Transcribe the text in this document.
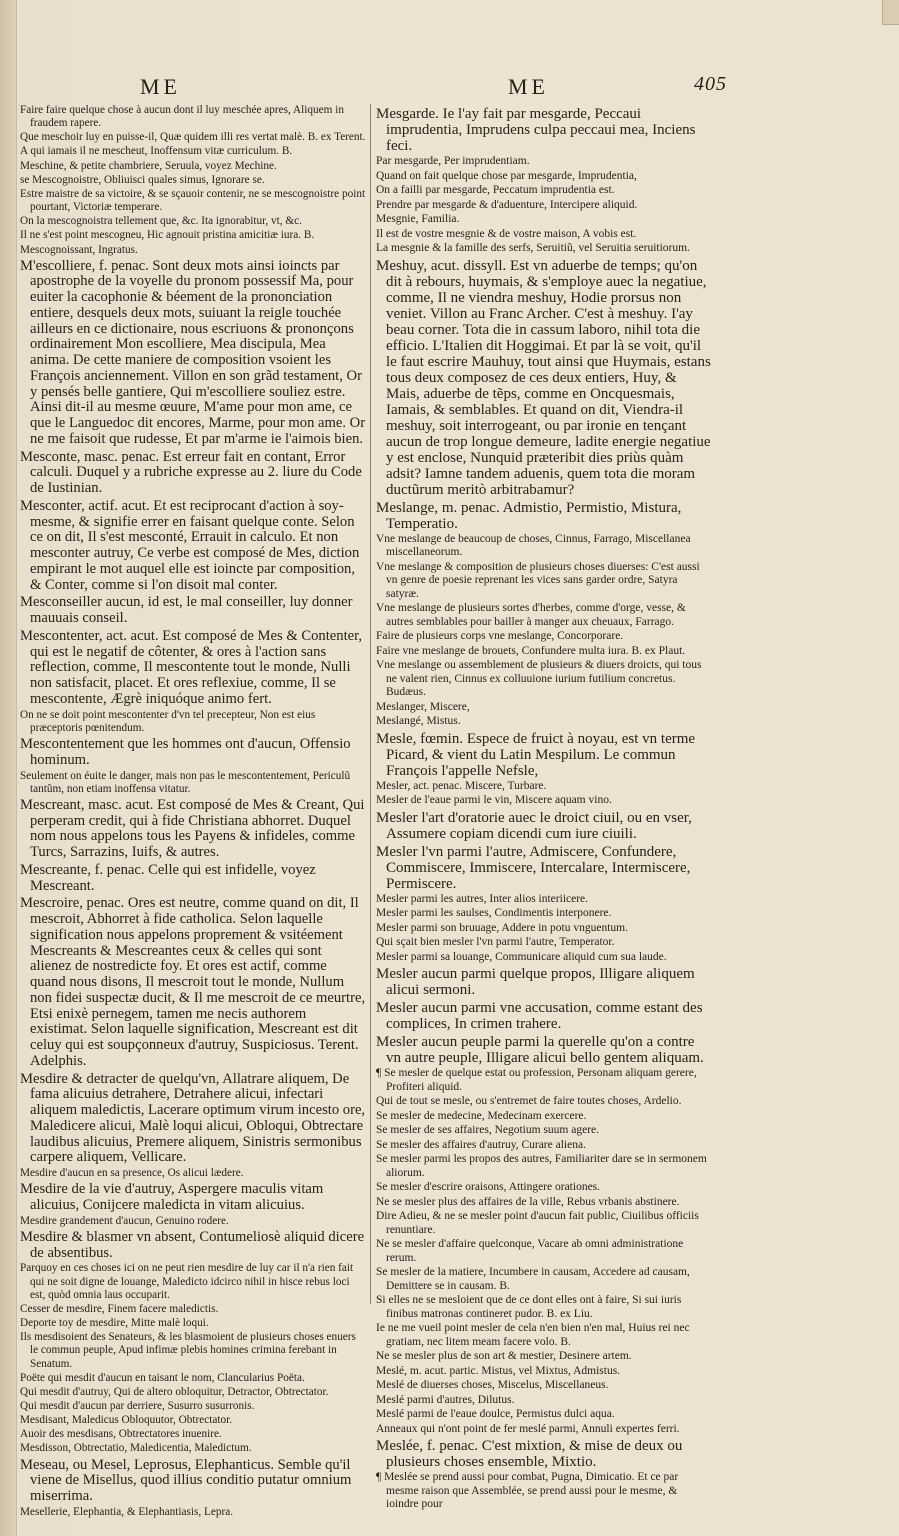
ME	ME	405

Faire faire quelque chose à aucun dont il luy meschée apres, Aliquem in fraudem rapere.

Que meschoir luy en puisse-il, Quæ quidem illi res vertat malè. B. ex Terent.

A qui iamais il ne mescheut, Inoffensum vitæ curriculum. B.

Meschine, & petite chambriere, Seruula, voyez Mechine.

se Mescognoistre, Obliuisci quales simus, Ignorare se.

Estre maistre de sa victoire, & se sçauoir contenir, ne se mescognoistre point pourtant, Victoriæ temperare.

On la mescognoistra tellement que, &c. Ita ignorabitur, vt, &c.

Il ne s'est point mescogneu, Hic agnouit pristina amicitiæ iura. B.

Mescognoissant, Ingratus.

M'escolliere, f. penac. Sont deux mots ainsi ioincts par apostrophe de la voyelle du pronom possessif Ma, pour euiter la cacophonie & béement de la prononciation entiere, desquels deux mots, suiuant la reigle touchée ailleurs en ce dictionaire, nous escriuons & prononçons ordinairement Mon escolliere, Mea discipula, Mea anima. De cette maniere de composition vsoient les François anciennement. Villon en son grãd testament, Or y pensés belle gantiere, Qui m'escolliere souliez estre. Ainsi dit-il au mesme œuure, M'ame pour mon ame, ce que le Languedoc dit encores, Marme, pour mon ame. Or ne me faisoit que rudesse, Et par m'arme ie l'aimois bien.

Mesconte, masc. penac. Est erreur fait en contant, Error calculi. Duquel y a rubriche expresse au 2. liure du Code de Iustinian.

Mesconter, actif. acut. Et est reciprocant d'action à soy-mesme, & signifie errer en faisant quelque conte. Selon ce on dit, Il s'est mesconté, Errauit in calculo. Et non mesconter autruy, Ce verbe est composé de Mes, diction empirant le mot auquel elle est ioincte par composition, & Conter, comme si l'on disoit mal conter.

Mesconseiller aucun, id est, le mal conseiller, luy donner mauuais conseil.

Mescontenter, act. acut. Est composé de Mes & Contenter, qui est le negatif de côtenter, & ores à l'action sans reflection, comme, Il mescontente tout le monde, Nulli non satisfacit, placet. Et ores reflexiue, comme, Il se mescontente, Ægrè iniquóque animo fert.

On ne se doit point mescontenter d'vn tel precepteur, Non est eius præceptoris pœnitendum.

Mescontentement que les hommes ont d'aucun, Offensio hominum.

Seulement on éuite le danger, mais non pas le mescontentement, Periculũ tantũm, non etiam inoffensa vitatur.

Mescreant, masc. acut. Est composé de Mes & Creant, Qui perperam credit, qui à fide Christiana abhorret. Duquel nom nous appelons tous les Payens & infideles, comme Turcs, Sarrazins, Iuifs, & autres.

Mescreante, f. penac. Celle qui est infidelle, voyez Mescreant.

Mescroire, penac. Ores est neutre, comme quand on dit, Il mescroit, Abhorret à fide catholica. Selon laquelle signification nous appelons proprement & vsitéement Mescreants & Mescreantes ceux & celles qui sont alienez de nostredicte foy. Et ores est actif, comme quand nous disons, Il mescroit tout le monde, Nullum non fidei suspectæ ducit, & Il me mescroit de ce meurtre, Etsi enixè pernegem, tamen me necis authorem existimat. Selon laquelle signification, Mescreant est dit celuy qui est soupçonneux d'autruy, Suspiciosus. Terent. Adelphis.

Mesdire & detracter de quelqu'vn, Allatrare aliquem, De fama alicuius detrahere, Detrahere alicui, infectari aliquem maledictis, Lacerare optimum virum incesto ore, Maledicere alicui, Malè loqui alicui, Obloqui, Obtrectare laudibus alicuius, Premere aliquem, Sinistris sermonibus carpere aliquem, Vellicare.

Mesdire d'aucun en sa presence, Os alicui lædere.

Mesdire de la vie d'autruy, Aspergere maculis vitam alicuius, Conijcere maledicta in vitam alicuius.

Mesdire grandement d'aucun, Genuino rodere.

Mesdire & blasmer vn absent, Contumeliosè aliquid dicere de absentibus.

Parquoy en ces choses ici on ne peut rien mesdire de luy car il n'a rien fait qui ne soit digne de louange, Maledicto idcirco nihil in hisce rebus loci est, quòd omnia laus occuparit.

Cesser de mesdire, Finem facere maledictis.

Deporte toy de mesdire, Mitte malè loqui.

Ils mesdisoient des Senateurs, & les blasmoient de plusieurs choses enuers le commun peuple, Apud infimæ plebis homines crimina ferebant in Senatum.

Poëte qui mesdit d'aucun en taisant le nom, Clancularius Poëta.

Qui mesdit d'autruy, Qui de altero obloquitur, Detractor, Obtrectator.

Qui mesdit d'aucun par derriere, Susurro susurronis.

Mesdisant, Maledicus Obloquutor, Obtrectator.

Auoir des mesdisans, Obtrectatores inuenire.

Mesdisson, Obtrectatio, Maledicentia, Maledictum.

Meseau, ou Mesel, Leprosus, Elephanticus. Semble qu'il viene de Misellus, quod illius conditio putatur omnium miserrima.

Mesellerie, Elephantia, & Elephantiasis, Lepra.

Mesgarde. Ie l'ay fait par mesgarde, Peccaui imprudentia, Imprudens culpa peccaui mea, Inciens feci.

Par mesgarde, Per imprudentiam.

Quand on fait quelque chose par mesgarde, Imprudentia,

On a failli par mesgarde, Peccatum imprudentia est.

Prendre par mesgarde & d'aduenture, Intercipere aliquid.

Mesgnie, Familia.

Il est de vostre mesgnie & de vostre maison, A vobis est.

La mesgnie & la famille des serfs, Seruitiũ, vel Seruitia seruitiorum.

Meshuy, acut. dissyll. Est vn aduerbe de temps; qu'on dit à rebours, huymais, & s'employe auec la negatiue, comme, Il ne viendra meshuy, Hodie prorsus non veniet. Villon au Franc Archer. C'est à meshuy. I'ay beau corner. Tota die in cassum laboro, nihil tota die efficio. L'Italien dit Hoggimai. Et par là se voit, qu'il le faut escrire Mauhuy, tout ainsi que Huymais, estans tous deux composez de ces deux entiers, Huy, & Mais, aduerbe de tẽps, comme en Oncquesmais, Iamais, & semblables. Et quand on dit, Viendra-il meshuy, soit interrogeant, ou par ironie en tençant aucun de trop longue demeure, ladite energie negatiue y est enclose, Nunquid præteribit dies priùs quàm adsit? Iamne tandem aduenis, quem tota die moram ductũrum meritò arbitrabamur?

Meslange, m. penac. Admistio, Permistio, Mistura, Temperatio.

Vne meslange de beaucoup de choses, Cinnus, Farrago, Miscellanea miscellaneorum.

Vne meslange & composition de plusieurs choses diuerses: C'est aussi vn genre de poesie reprenant les vices sans garder ordre, Satyra satyræ.

Vne meslange de plusieurs sortes d'herbes, comme d'orge, vesse, & autres semblables pour bailler à manger aux cheuaux, Farrago.

Faire de plusieurs corps vne meslange, Concorporare.

Faire vne meslange de brouets, Confundere multa iura. B. ex Plaut.

Vne meslange ou assemblement de plusieurs & diuers droicts, qui tous ne valent rien, Cinnus ex colluuione iurium futilium concretus. Budæus.

Meslanger, Miscere,

Meslangé, Mistus.

Mesle, fœmin. Espece de fruict à noyau, est vn terme Picard, & vient du Latin Mespilum. Le commun François l'appelle Nefsle,

Mesler, act. penac. Miscere, Turbare.

Mesler de l'eaue parmi le vin, Miscere aquam vino.

Mesler l'art d'oratorie auec le droict ciuil, ou en vser, Assumere copiam dicendi cum iure ciuili.

Mesler l'vn parmi l'autre, Admiscere, Confundere, Commiscere, Immiscere, Intercalare, Intermiscere, Permiscere.

Mesler parmi les autres, Inter alios interiicere.

Mesler parmi les saulses, Condimentis interponere.

Mesler parmi son bruuage, Addere in potu vnguentum.

Qui sçait bien mesler l'vn parmi l'autre, Temperator.

Mesler parmi sa louange, Communicare aliquid cum sua laude.

Mesler aucun parmi quelque propos, Illigare aliquem alicui sermoni.

Mesler aucun parmi vne accusation, comme estant des complices, In crimen trahere.

Mesler aucun peuple parmi la querelle qu'on a contre vn autre peuple, Illigare alicui bello gentem aliquam.

¶ Se mesler de quelque estat ou profession, Personam aliquam gerere, Profiteri aliquid.

Qui de tout se mesle, ou s'entremet de faire toutes choses, Ardelio.

Se mesler de medecine, Medecinam exercere.

Se mesler de ses affaires, Negotium suum agere.

Se mesler des affaires d'autruy, Curare aliena.

Se mesler parmi les propos des autres, Familiariter dare se in sermonem aliorum.

Se mesler d'escrire oraisons, Attingere orationes.

Ne se mesler plus des affaires de la ville, Rebus vrbanis abstinere.

Dire Adieu, & ne se mesler point d'aucun fait public, Ciuilibus officiis renuntiare.

Ne se mesler d'affaire quelconque, Vacare ab omni administratione rerum.

Se mesler de la matiere, Incumbere in causam, Accedere ad causam, Demittere se in causam. B.

Si elles ne se mesloient que de ce dont elles ont à faire, Si sui iuris finibus matronas contineret pudor. B. ex Liu.

Ie ne me vueil point mesler de cela n'en bien n'en mal, Huius rei nec gratiam, nec litem meam facere volo. B.

Ne se mesler plus de son art & mestier, Desinere artem.

Meslé, m. acut. partic. Mistus, vel Mixtus, Admistus.

Meslé de diuerses choses, Miscelus, Miscellaneus.

Meslé parmi d'autres, Dilutus.

Meslé parmi de l'eaue doulce, Permistus dulci aqua.

Anneaux qui n'ont point de fer meslé parmi, Annuli expertes ferri.

Meslée, f. penac. C'est mixtion, & mise de deux ou plusieurs choses ensemble, Mixtio.

¶ Meslée se prend aussi pour combat, Pugna, Dimicatio. Et ce par mesme raison que Assemblée, se prend aussi pour le mesme, & ioindre pour
